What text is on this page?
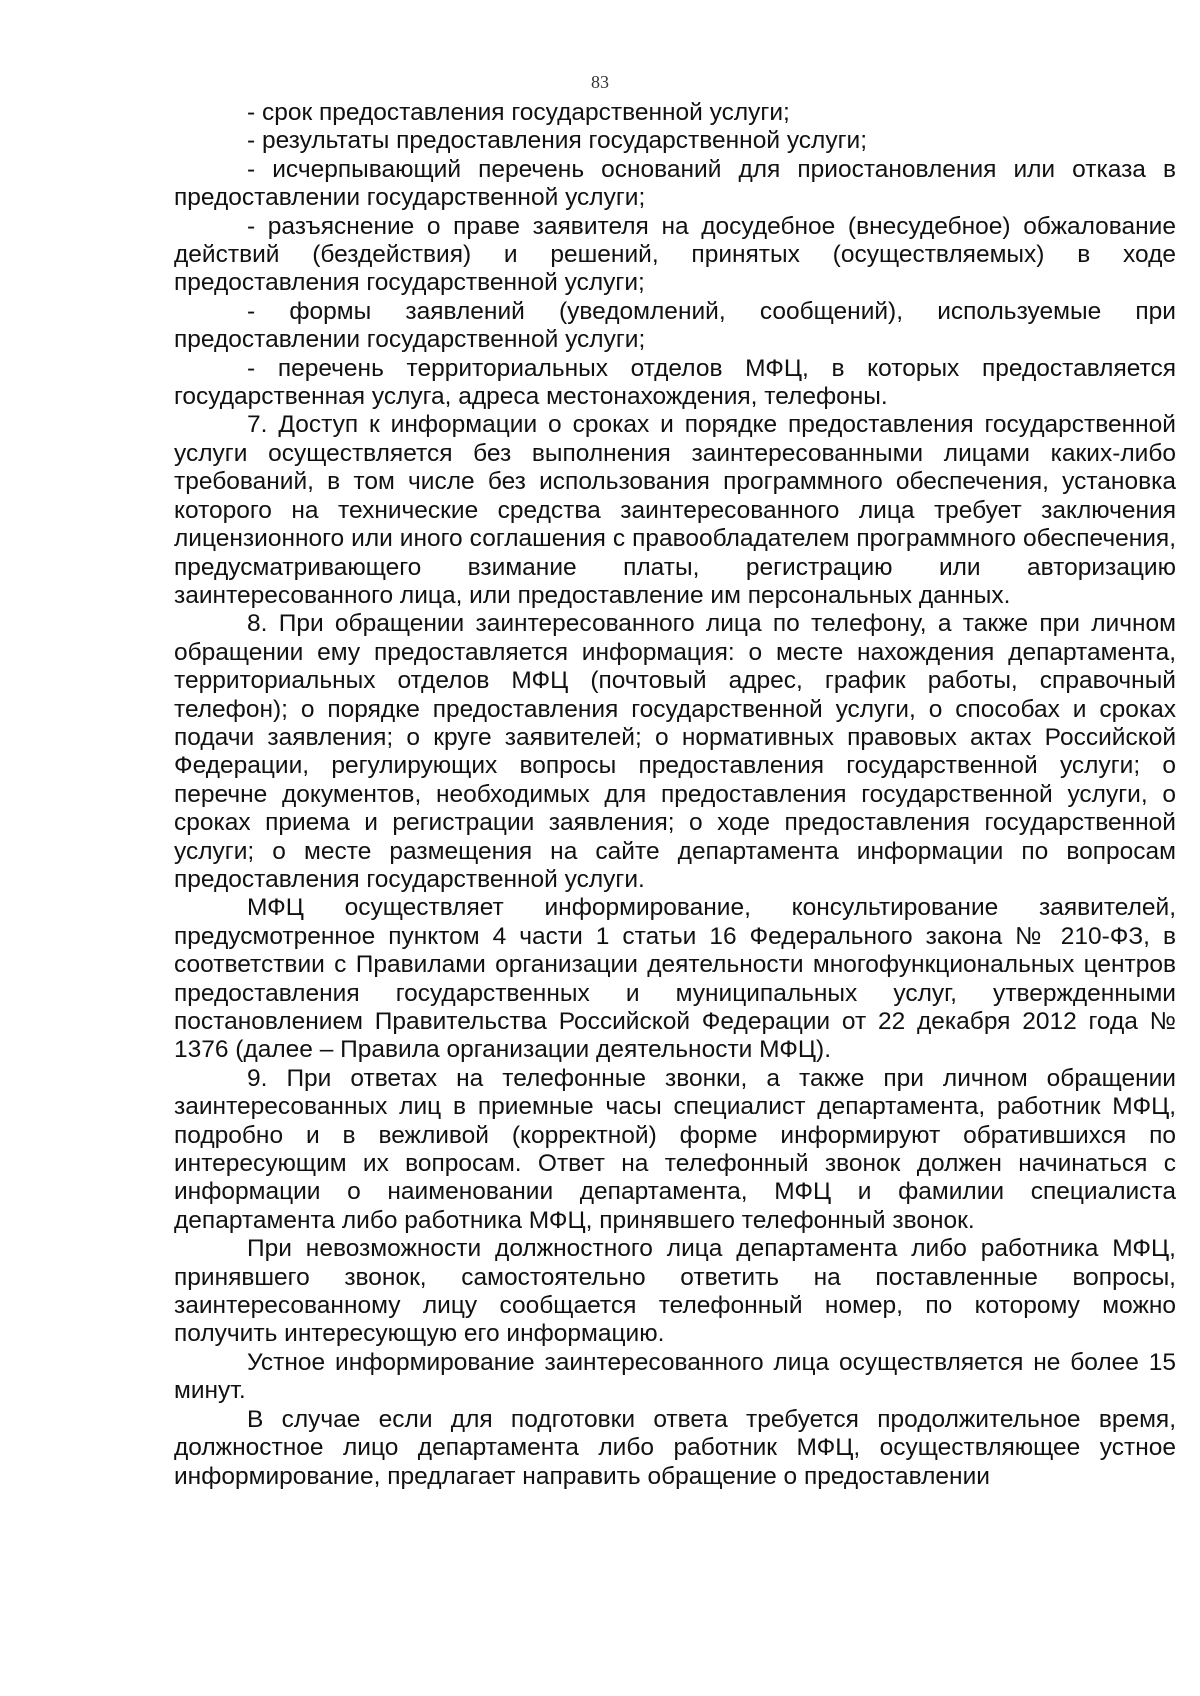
83

- срок предоставления государственной услуги;

- результаты предоставления государственной услуги;

- исчерпывающий перечень оснований для приостановления или отказа в предоставлении государственной услуги;

- разъяснение о праве заявителя на досудебное (внесудебное) обжалование действий (бездействия) и решений, принятых (осуществляемых) в ходе предоставления государственной услуги;

- формы заявлений (уведомлений, сообщений), используемые при предоставлении государственной услуги;

- перечень территориальных отделов МФЦ, в которых предоставляется государственная услуга, адреса местонахождения, телефоны.

7. Доступ к информации о сроках и порядке предоставления государственной услуги осуществляется без выполнения заинтересованными лицами каких-либо требований, в том числе без использования программного обеспечения, установка которого на технические средства заинтересованного лица требует заключения лицензионного или иного соглашения с правообладателем программного обеспечения, предусматривающего взимание платы, регистрацию или авторизацию заинтересованного лица, или предоставление им персональных данных.

8. При обращении заинтересованного лица по телефону, а также при личном обращении ему предоставляется информация: о месте нахождения департамента, территориальных отделов МФЦ (почтовый адрес, график работы, справочный телефон); о порядке предоставления государственной услуги, о способах и сроках подачи заявления; о круге заявителей; о нормативных правовых актах Российской Федерации, регулирующих вопросы предоставления государственной услуги; о перечне документов, необходимых для предоставления государственной услуги, о сроках приема и регистрации заявления; о ходе предоставления государственной услуги; о месте размещения на сайте департамента информации по вопросам предоставления государственной услуги.

МФЦ осуществляет информирование, консультирование заявителей, предусмотренное пунктом 4 части 1 статьи 16 Федерального закона № 210-ФЗ, в соответствии с Правилами организации деятельности многофункциональных центров предоставления государственных и муниципальных услуг, утвержденными постановлением Правительства Российской Федерации от 22 декабря 2012 года № 1376 (далее – Правила организации деятельности МФЦ).

9. При ответах на телефонные звонки, а также при личном обращении заинтересованных лиц в приемные часы специалист департамента, работник МФЦ, подробно и в вежливой (корректной) форме информируют обратившихся по интересующим их вопросам. Ответ на телефонный звонок должен начинаться с информации о наименовании департамента, МФЦ и фамилии специалиста департамента либо работника МФЦ, принявшего телефонный звонок.

При невозможности должностного лица департамента либо работника МФЦ, принявшего звонок, самостоятельно ответить на поставленные вопросы, заинтересованному лицу сообщается телефонный номер, по которому можно получить интересующую его информацию.

Устное информирование заинтересованного лица осуществляется не более 15 минут.

В случае если для подготовки ответа требуется продолжительное время, должностное лицо департамента либо работник МФЦ, осуществляющее устное информирование, предлагает направить обращение о предоставлении
